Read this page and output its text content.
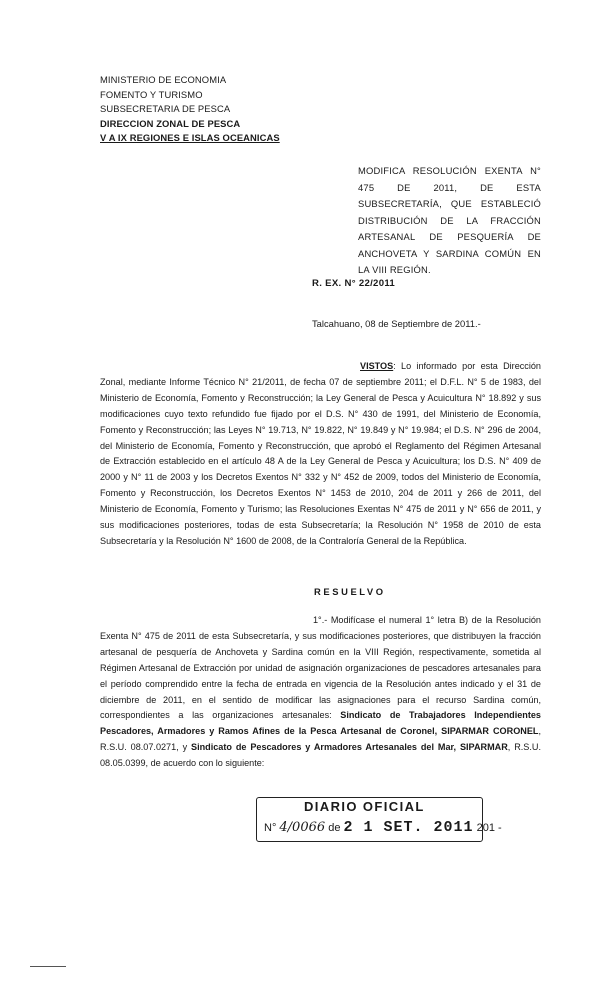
MINISTERIO DE ECONOMIA
FOMENTO Y TURISMO
SUBSECRETARIA DE PESCA
DIRECCION ZONAL DE PESCA
V A IX REGIONES E ISLAS OCEANICAS
MODIFICA RESOLUCIÓN EXENTA N° 475 DE 2011, DE ESTA SUBSECRETARÍA, QUE ESTABLECIÓ DISTRIBUCIÓN DE LA FRACCIÓN ARTESANAL DE PESQUERÍA DE ANCHOVETA Y SARDINA COMÚN EN LA VIII REGIÓN.
R. EX. N° 22/2011
Talcahuano, 08 de Septiembre de 2011.-
VISTOS: Lo informado por esta Dirección Zonal, mediante Informe Técnico N° 21/2011, de fecha 07 de septiembre 2011; el D.F.L. N° 5 de 1983, del Ministerio de Economía, Fomento y Reconstrucción; la Ley General de Pesca y Acuicultura N° 18.892 y sus modificaciones cuyo texto refundido fue fijado por el D.S. N° 430 de 1991, del Ministerio de Economía, Fomento y Reconstrucción; las Leyes N° 19.713, N° 19.822, N° 19.849 y N° 19.984; el D.S. N° 296 de 2004, del Ministerio de Economía, Fomento y Reconstrucción, que aprobó el Reglamento del Régimen Artesanal de Extracción establecido en el artículo 48 A de la Ley General de Pesca y Acuicultura; los D.S. N° 409 de 2000 y N° 11 de 2003 y los Decretos Exentos N° 332 y N° 452 de 2009, todos del Ministerio de Economía, Fomento y Reconstrucción, los Decretos Exentos N° 1453 de 2010, 204 de 2011 y 266 de 2011, del Ministerio de Economía, Fomento y Turismo; las Resoluciones Exentas N° 475 de 2011 y N° 656 de 2011, y sus modificaciones posteriores, todas de esta Subsecretaría; la Resolución N° 1958 de 2010 de esta Subsecretaría y la Resolución N° 1600 de 2008, de la Contraloría General de la República.
RESUELVO
1°.- Modifícase el numeral 1° letra B) de la Resolución Exenta N° 475 de 2011 de esta Subsecretaría, y sus modificaciones posteriores, que distribuyen la fracción artesanal de pesquería de Anchoveta y Sardina común en la VIII Región, respectivamente, sometida al Régimen Artesanal de Extracción por unidad de asignación organizaciones de pescadores artesanales para el período comprendido entre la fecha de entrada en vigencia de la Resolución antes indicado y el 31 de diciembre de 2011, en el sentido de modificar las asignaciones para el recurso Sardina común, correspondientes a las organizaciones artesanales: Sindicato de Trabajadores Independientes Pescadores, Armadores y Ramos Afines de la Pesca Artesanal de Coronel, SIPARMAR CORONEL, R.S.U. 08.07.0271, y Sindicato de Pescadores y Armadores Artesanales del Mar, SIPARMAR, R.S.U. 08.05.0399, de acuerdo con lo siguiente:
DIARIO OFICIAL
N° 4/0066 de 2 1 SET. 2011 201 -
